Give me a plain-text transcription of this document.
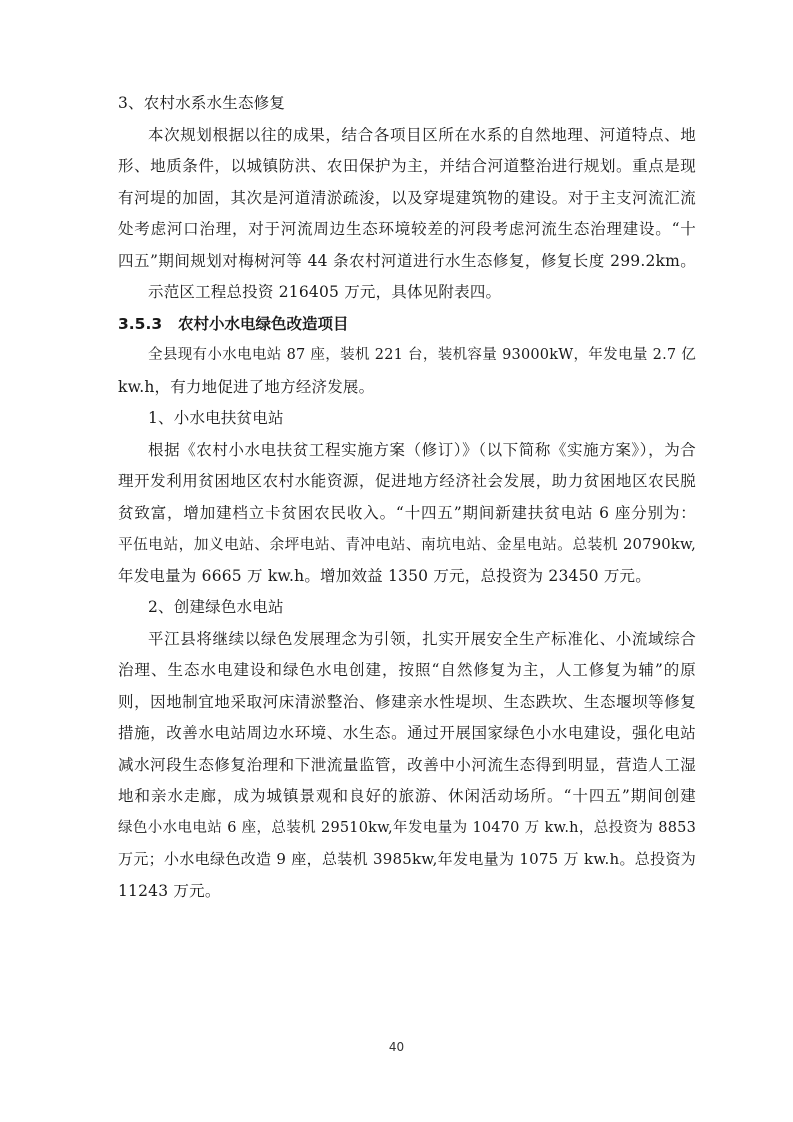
3、农村水系水生态修复
本次规划根据以往的成果，结合各项目区所在水系的自然地理、河道特点、地
形、地质条件，以城镇防洪、农田保护为主，并结合河道整治进行规划。重点是现
有河堤的加固，其次是河道清淤疏浚，以及穿堤建筑物的建设。对于主支河流汇流
处考虑河口治理，对于河流周边生态环境较差的河段考虑河流生态治理建设。“十
四五”期间规划对梅树河等 44 条农村河道进行水生态修复，修复长度 299.2km。
示范区工程总投资 216405 万元，具体见附表四。
3.5.3 农村小水电绿色改造项目
全县现有小水电电站 87 座，装机 221 台，装机容量 93000kW，年发电量 2.7 亿
kw.h，有力地促进了地方经济发展。
1、小水电扶贫电站
根据《农村小水电扶贫工程实施方案（修订）》（以下简称《实施方案》），为合
理开发利用贫困地区农村水能资源，促进地方经济社会发展，助力贫困地区农民脱
贫致富，增加建档立卡贫困农民收入。“十四五”期间新建扶贫电站 6 座分别为：
平伍电站，加义电站、余坪电站、青冲电站、南坑电站、金星电站。总装机 20790kw,
年发电量为 6665 万 kw.h。增加效益 1350 万元，总投资为 23450 万元。
2、创建绿色水电站
平江县将继续以绿色发展理念为引领，扎实开展安全生产标准化、小流域综合
治理、生态水电建设和绿色水电创建，按照“自然修复为主，人工修复为辅”的原
则，因地制宜地采取河床清淤整治、修建亲水性堤坝、生态跌坎、生态堰坝等修复
措施，改善水电站周边水环境、水生态。通过开展国家绿色小水电建设，强化电站
减水河段生态修复治理和下泄流量监管，改善中小河流生态得到明显，营造人工湿
地和亲水走廊，成为城镇景观和良好的旅游、休闲活动场所。“十四五”期间创建
绿色小水电电站 6 座，总装机 29510kw,年发电量为 10470 万 kw.h，总投资为 8853
万元；小水电绿色改造 9 座，总装机 3985kw,年发电量为 1075 万 kw.h。总投资为
11243 万元。
40
